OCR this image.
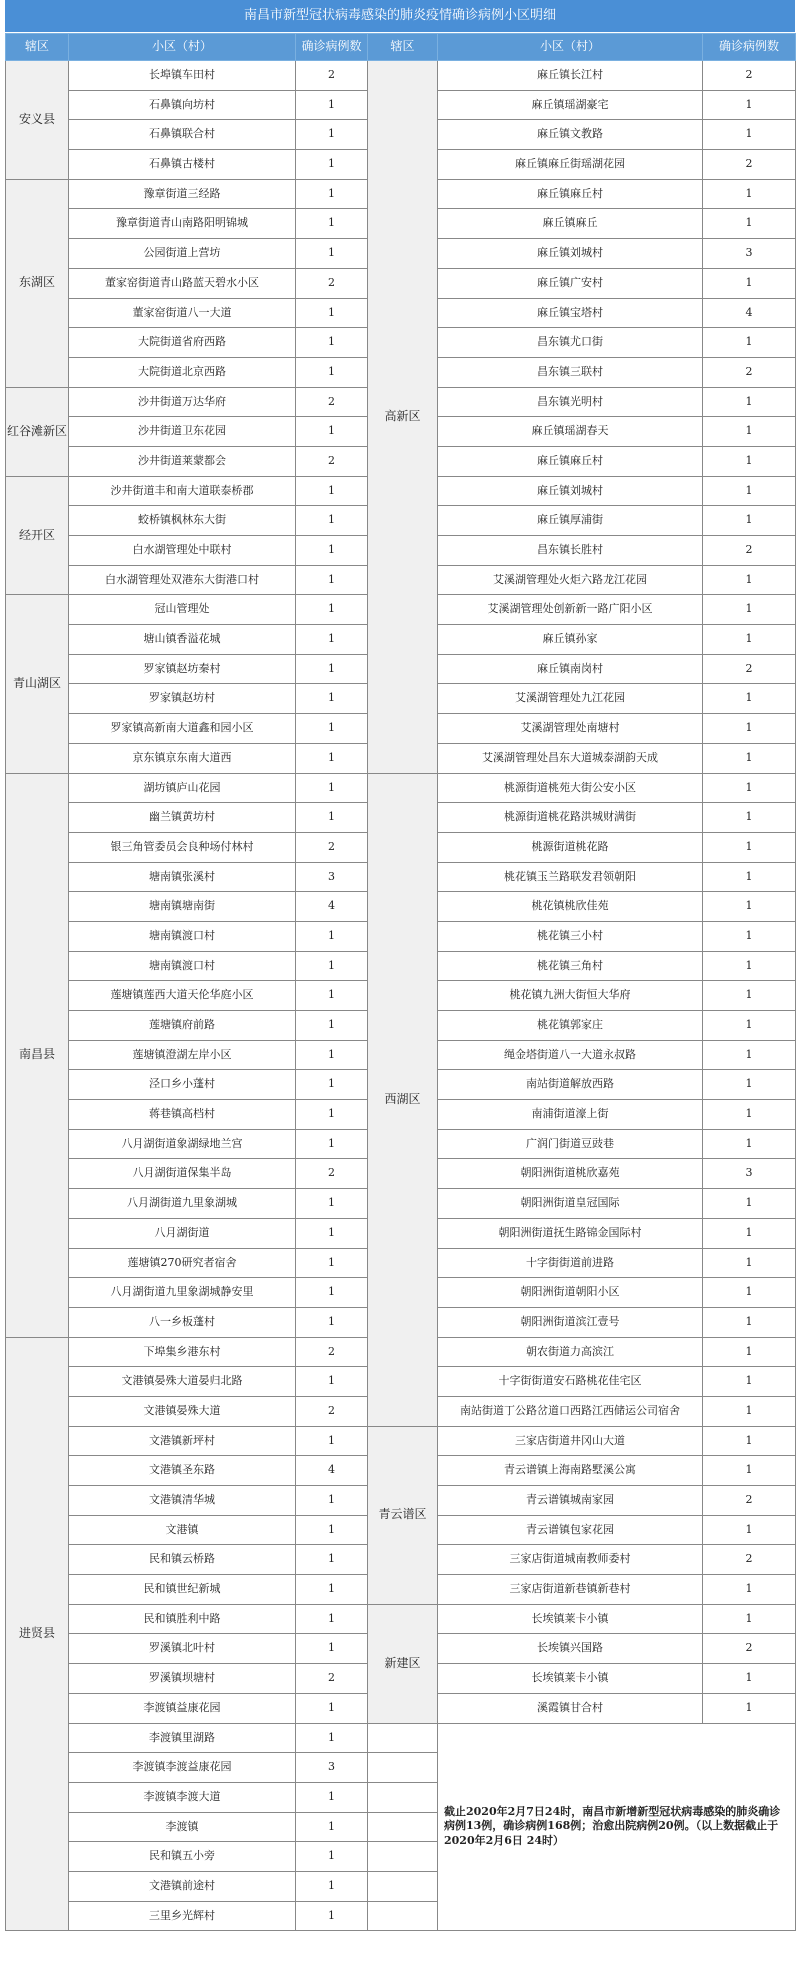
南昌市新型冠状病毒感染的肺炎疫情确诊病例小区明细
辖区	小区（村）	确诊病例数	辖区	小区（村）	确诊病例数
安义县	长埠镇车田村	2	高新区	麻丘镇长江村	2
	石鼻镇向坊村	1		麻丘镇瑶湖豪宅	1
	石鼻镇联合村	1		麻丘镇文教路	1
	石鼻镇古楼村	1		麻丘镇麻丘街瑶湖花园	2
东湖区	豫章街道三经路	1		麻丘镇麻丘村	1
	豫章街道青山南路阳明锦城	1		麻丘镇麻丘	1
	公园街道上营坊	1		麻丘镇刘城村	3
	董家窑街道青山路蓝天碧水小区	2		麻丘镇广安村	1
	董家窑街道八一大道	1		麻丘镇宝塔村	4
	大院街道省府西路	1		昌东镇尤口街	1
	大院街道北京西路	1		昌东镇三联村	2
红谷滩新区	沙井街道万达华府	2		昌东镇光明村	1
	沙井街道卫东花园	1		麻丘镇瑶湖春天	1
	沙井街道莱蒙都会	2		麻丘镇麻丘村	1
经开区	沙井街道丰和南大道联泰桥郡	1		麻丘镇刘城村	1
	蛟桥镇枫林东大街	1		麻丘镇厚浦街	1
	白水湖管理处中联村	1		昌东镇长胜村	2
	白水湖管理处双港东大街港口村	1		艾溪湖管理处火炬六路龙江花园	1
青山湖区	冠山管理处	1		艾溪湖管理处创新新一路广阳小区	1
	塘山镇香溢花城	1		麻丘镇孙家	1
	罗家镇赵坊秦村	1		麻丘镇南岗村	2
	罗家镇赵坊村	1		艾溪湖管理处九江花园	1
	罗家镇高新南大道鑫和园小区	1		艾溪湖管理处南塘村	1
	京东镇京东南大道西	1		艾溪湖管理处昌东大道城泰湖韵天成	1
南昌县	湖坊镇庐山花园	1	西湖区	桃源街道桃苑大街公安小区	1
	幽兰镇黄坊村	1		桃源街道桃花路洪城财满街	1
	银三角管委员会良种场付林村	2		桃源街道桃花路	1
	塘南镇张溪村	3		桃花镇玉兰路联发君领朝阳	1
	塘南镇塘南街	4		桃花镇桃欣佳苑	1
	塘南镇渡口村	1		桃花镇三小村	1
	塘南镇渡口村	1		桃花镇三角村	1
	莲塘镇莲西大道天伦华庭小区	1		桃花镇九洲大街恒大华府	1
	莲塘镇府前路	1		桃花镇郭家庄	1
	莲塘镇澄湖左岸小区	1		绳金塔街道八一大道永叔路	1
	泾口乡小蓬村	1		南站街道解放西路	1
	蒋巷镇高档村	1		南浦街道濠上街	1
	八月湖街道象湖绿地兰宫	1		广润门街道豆豉巷	1
	八月湖街道保集半岛	2		朝阳洲街道桃欣嘉苑	3
	八月湖街道九里象湖城	1		朝阳洲街道皇冠国际	1
	八月湖街道	1		朝阳洲街道抚生路锦金国际村	1
	莲塘镇270研究者宿舍	1		十字街街道前进路	1
	八月湖街道九里象湖城静安里	1		朝阳洲街道朝阳小区	1
	八一乡板蓬村	1		朝阳洲街道滨江壹号	1
进贤县	下埠集乡港东村	2		朝农街道力高滨江	1
	文港镇晏殊大道晏归北路	1		十字街街道安石路桃花佳宅区	1
	文港镇晏殊大道	2		南站街道丁公路岔道口西路江西储运公司宿舍	1
	文港镇新坪村	1	青云谱区	三家店街道井冈山大道	1
	文港镇圣东路	4		青云谱镇上海南路墅溪公寓	1
	文港镇清华城	1		青云谱镇城南家园	2
	文港镇	1		青云谱镇包家花园	1
	民和镇云桥路	1		三家店街道城南教师委村	2
	民和镇世纪新城	1		三家店街道新巷镇新巷村	1
	民和镇胜利中路	1	新建区	长埃镇莱卡小镇	1
	罗溪镇北叶村	1		长埃镇兴国路	2
	罗溪镇坝塘村	2		长埃镇莱卡小镇	1
	李渡镇益康花园	1		溪霞镇甘合村	1
	李渡镇里湖路	1		截止2020年2月7日24时，南昌市新增新型冠状病毒感染的肺炎确诊病例13例，确诊病例168例；治愈出院病例20例。（以上数据截止于2020年2月6日 24时）	
	李渡镇李渡益康花园	3			
	李渡镇李渡大道	1			
	李渡镇	1			
	民和镇五小旁	1			
	文港镇前途村	1			
	三里乡光辉村	1			
